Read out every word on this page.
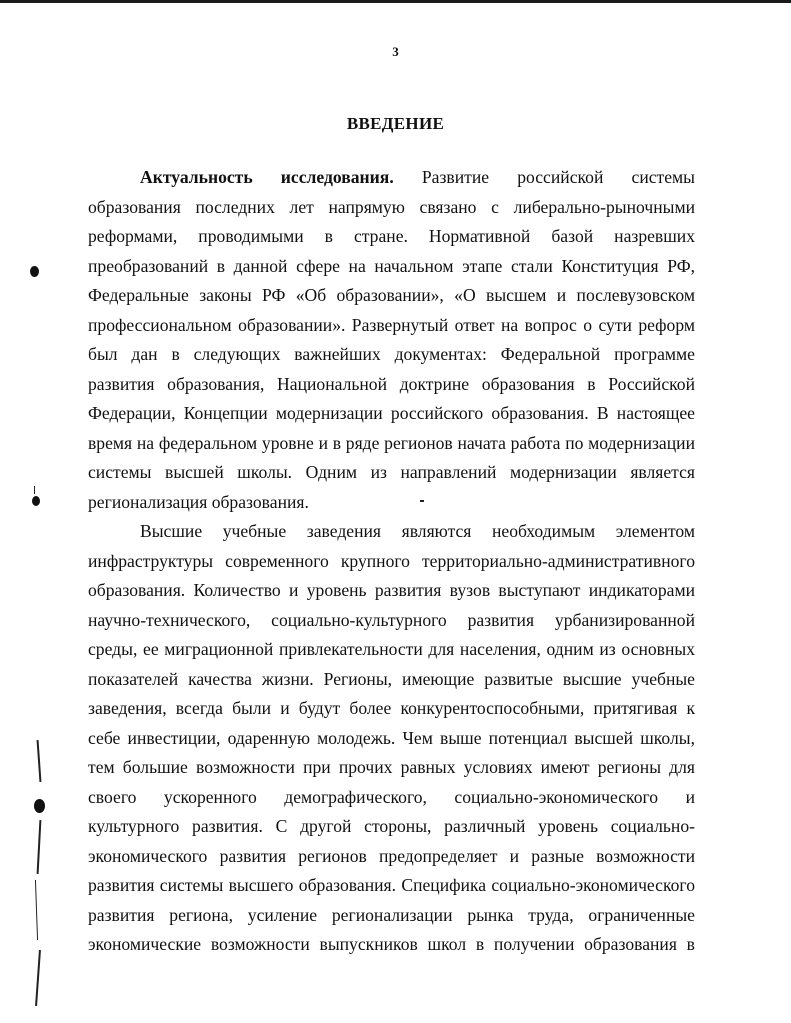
3
ВВЕДЕНИЕ
Актуальность исследования. Развитие российской системы
образования последних лет напрямую связано с либерально-рыночными
реформами, проводимыми в стране. Нормативной базой назревших
преобразований в данной сфере на начальном этапе стали Конституция РФ,
Федеральные законы РФ «Об образовании», «О высшем и послевузовском
профессиональном образовании». Развернутый ответ на вопрос о сути реформ
был дан в следующих важнейших документах: Федеральной программе
развития образования, Национальной доктрине образования в Российской
Федерации, Концепции модернизации российского образования. В настоящее
время на федеральном уровне и в ряде регионов начата работа по модернизации
системы высшей школы. Одним из направлений модернизации является
регионализация образования.
Высшие учебные заведения являются необходимым элементом
инфраструктуры современного крупного территориально-административного
образования. Количество и уровень развития вузов выступают индикаторами
научно-технического, социально-культурного развития урбанизированной
среды, ее миграционной привлекательности для населения, одним из основных
показателей качества жизни. Регионы, имеющие развитые высшие учебные
заведения, всегда были и будут более конкурентоспособными, притягивая к
себе инвестиции, одаренную молодежь. Чем выше потенциал высшей школы,
тем большие возможности при прочих равных условиях имеют регионы для
своего ускоренного демографического, социально-экономического и
культурного развития. С другой стороны, различный уровень социально-
экономического развития регионов предопределяет и разные возможности
развития системы высшего образования. Специфика социально-экономического
развития региона, усиление регионализации рынка труда, ограниченные
экономические возможности выпускников школ в получении образования в
